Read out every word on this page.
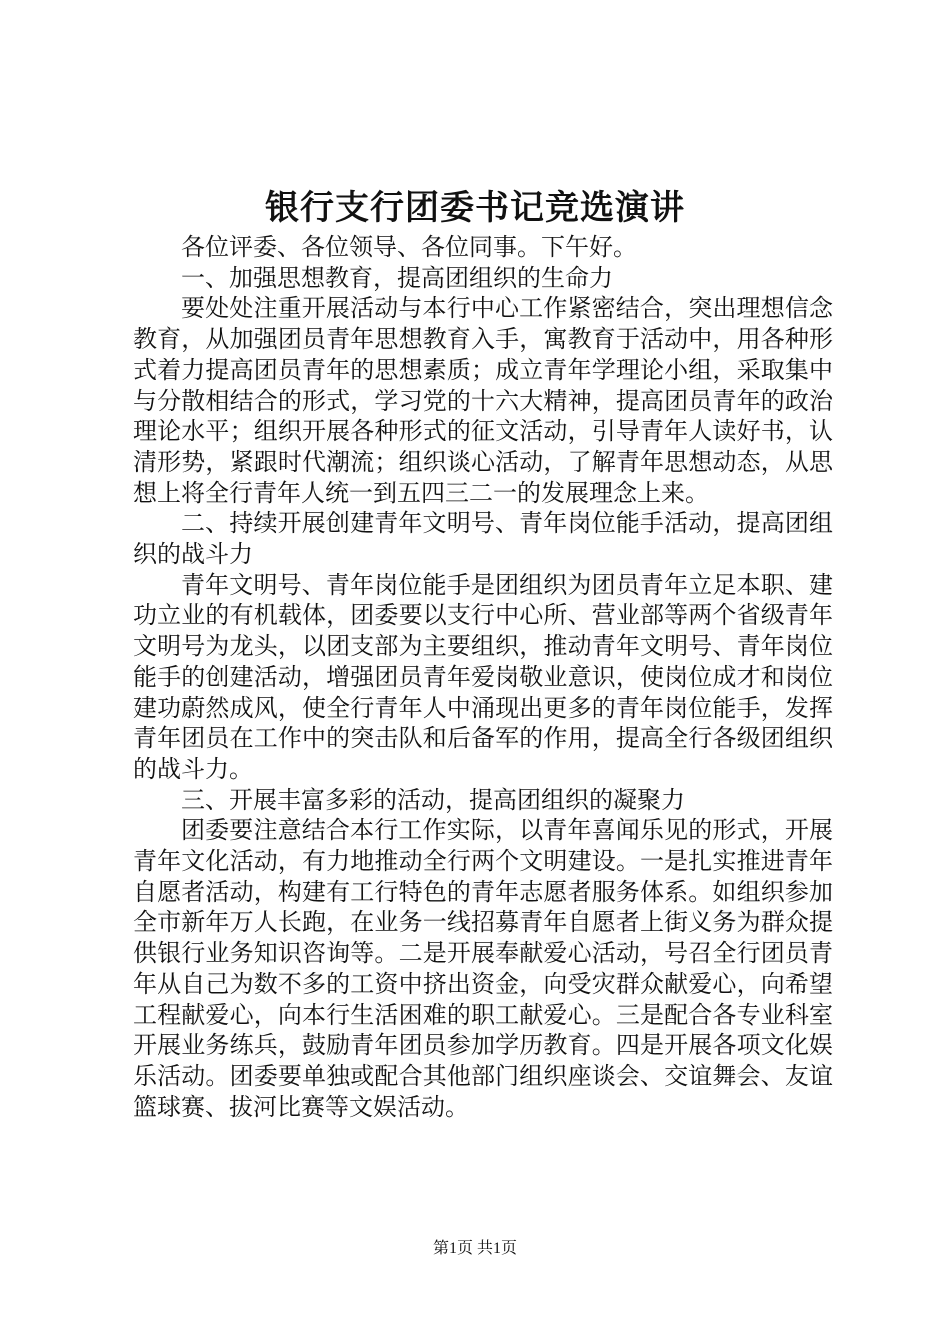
银行支行团委书记竞选演讲

各位评委、各位领导、各位同事。下午好。

一、加强思想教育，提高团组织的生命力

要处处注重开展活动与本行中心工作紧密结合，突出理想信念教育，从加强团员青年思想教育入手，寓教育于活动中，用各种形式着力提高团员青年的思想素质；成立青年学理论小组，采取集中与分散相结合的形式，学习党的十六大精神，提高团员青年的政治理论水平；组织开展各种形式的征文活动，引导青年人读好书，认清形势，紧跟时代潮流；组织谈心活动，了解青年思想动态，从思想上将全行青年人统一到五四三二一的发展理念上来。

二、持续开展创建青年文明号、青年岗位能手活动，提高团组织的战斗力

青年文明号、青年岗位能手是团组织为团员青年立足本职、建功立业的有机载体，团委要以支行中心所、营业部等两个省级青年文明号为龙头，以团支部为主要组织，推动青年文明号、青年岗位能手的创建活动，增强团员青年爱岗敬业意识，使岗位成才和岗位建功蔚然成风，使全行青年人中涌现出更多的青年岗位能手，发挥青年团员在工作中的突击队和后备军的作用，提高全行各级团组织的战斗力。

三、开展丰富多彩的活动，提高团组织的凝聚力

团委要注意结合本行工作实际，以青年喜闻乐见的形式，开展青年文化活动，有力地推动全行两个文明建设。一是扎实推进青年自愿者活动，构建有工行特色的青年志愿者服务体系。如组织参加全市新年万人长跑，在业务一线招募青年自愿者上街义务为群众提供银行业务知识咨询等。二是开展奉献爱心活动，号召全行团员青年从自己为数不多的工资中挤出资金，向受灾群众献爱心，向希望工程献爱心，向本行生活困难的职工献爱心。三是配合各专业科室开展业务练兵，鼓励青年团员参加学历教育。四是开展各项文化娱乐活动。团委要单独或配合其他部门组织座谈会、交谊舞会、友谊篮球赛、拔河比赛等文娱活动。

第1页 共1页
